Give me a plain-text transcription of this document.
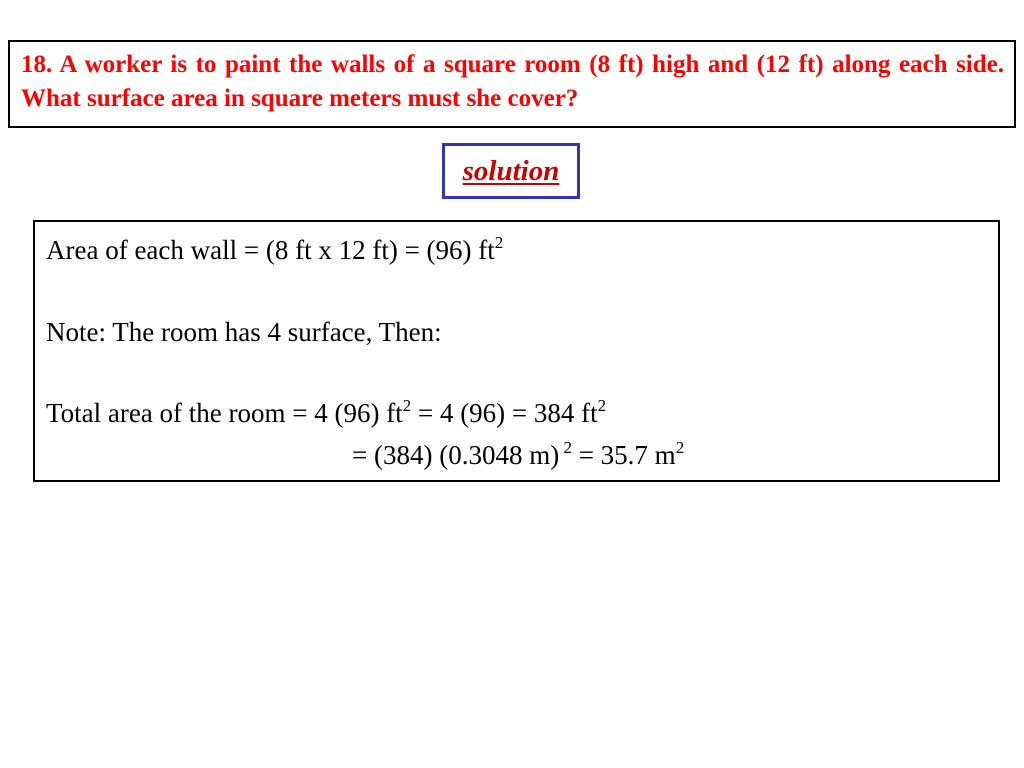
18. A worker is to paint the walls of a square room (8 ft) high and (12 ft) along each side. What surface area in square meters must she cover?
solution
Area of each wall = (8 ft x 12 ft) = (96) $ft^2$
Note: The room has 4 surface, Then:
Total area of the room = 4 (96) $ft^2 = 4$ (96) = 384 $ft^2$
= (384) (0.3048 m) $^2$ = 35.7 $m^2$
